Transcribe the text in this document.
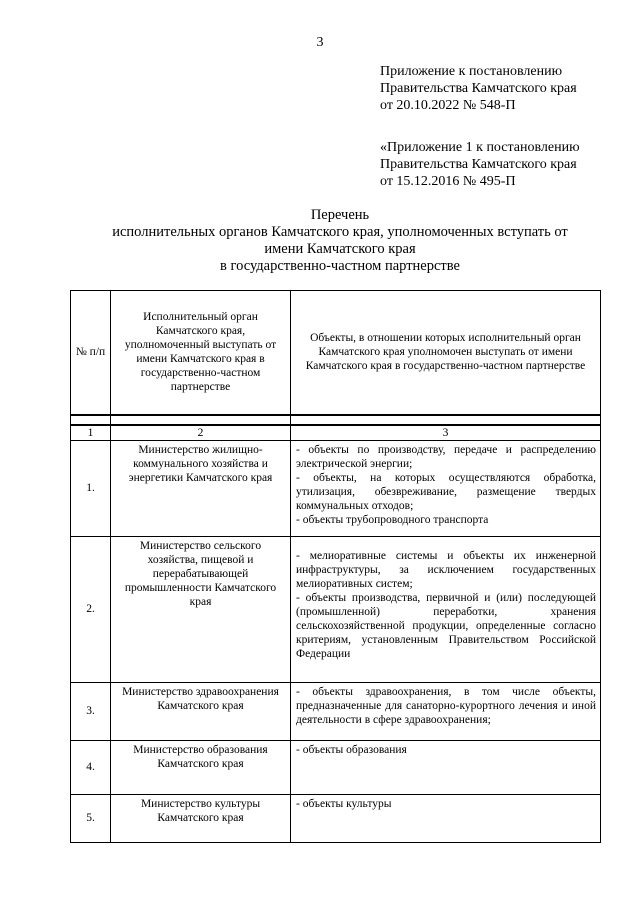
3
Приложение к постановлению
Правительства Камчатского края
от 20.10.2022 № 548-П
«Приложение 1 к постановлению
Правительства Камчатского края
от 15.12.2016 № 495-П
Перечень
исполнительных органов Камчатского края, уполномоченных вступать от
имени Камчатского края
в государственно-частном партнерстве
№ п/п	Исполнительный орган Камчатского края, уполномоченный выступать от имени Камчатского края в государственно-частном партнерстве	Объекты, в отношении которых исполнительный орган Камчатского края уполномочен выступать от имени Камчатского края в государственно-частном партнерстве

1	2	3
1.	Министерство жилищно-коммунального хозяйства и энергетики Камчатского края	- объекты по производству, передаче и распределению электрической энергии;
- объекты, на которых осуществляются обработка, утилизация, обезвреживание, размещение твердых коммунальных отходов;
- объекты трубопроводного транспорта

2.	Министерство сельского хозяйства, пищевой и перерабатывающей промышленности Камчатского края	- мелиоративные системы и объекты их инженерной инфраструктуры, за исключением государственных мелиоративных систем;
- объекты производства, первичной и (или) последующей (промышленной) переработки, хранения сельскохозяйственной продукции, определенные согласно критериям, установленным Правительством Российской Федерации

3.	Министерство здравоохранения Камчатского края	- объекты здравоохранения, в том числе объекты, предназначенные для санаторно-курортного лечения и иной деятельности в сфере здравоохранения;

4.	Министерство образования Камчатского края	- объекты образования

5.	Министерство культуры Камчатского края	- объекты культуры
